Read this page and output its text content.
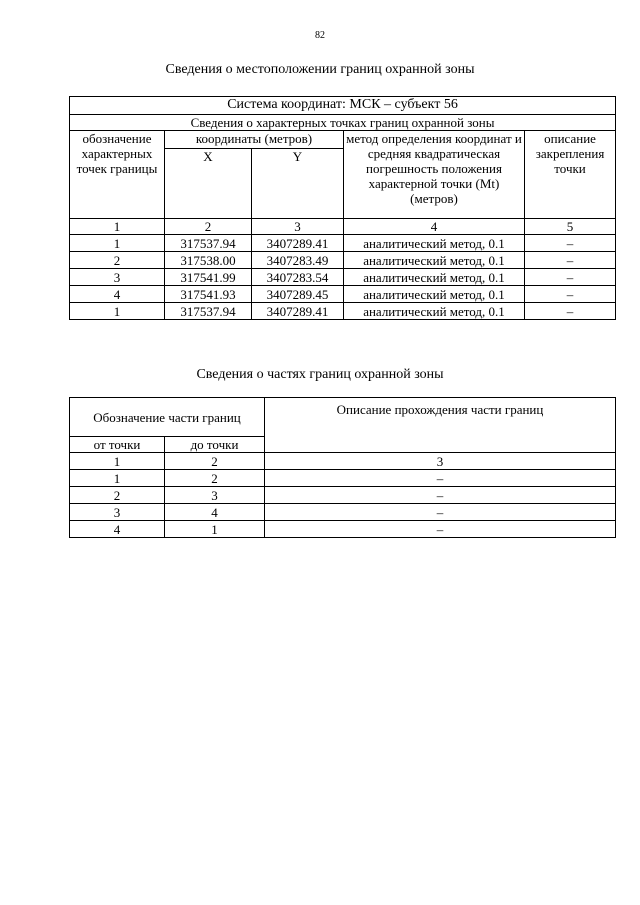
82
Сведения о местоположении границ охранной зоны
Система координат: МСК – субъект 56				
Сведения о характерных точках границ охранной зоны				
обозначение характерных точек границы	координаты (метров)		метод определения координат и средняя квадратическая погрешность положения характерной точки (Mt) (метров)	описание закрепления точки
	X	Y		
1	2	3	4	5
1	317537.94	3407289.41	аналитический метод, 0.1	–
2	317538.00	3407283.49	аналитический метод, 0.1	–
3	317541.99	3407283.54	аналитический метод, 0.1	–
4	317541.93	3407289.45	аналитический метод, 0.1	–
1	317537.94	3407289.41	аналитический метод, 0.1	–
Сведения о частях границ охранной зоны
Обозначение части границ		Описание прохождения части границ
от точки	до точки	
1	2	3
1	2	–
2	3	–
3	4	–
4	1	–
